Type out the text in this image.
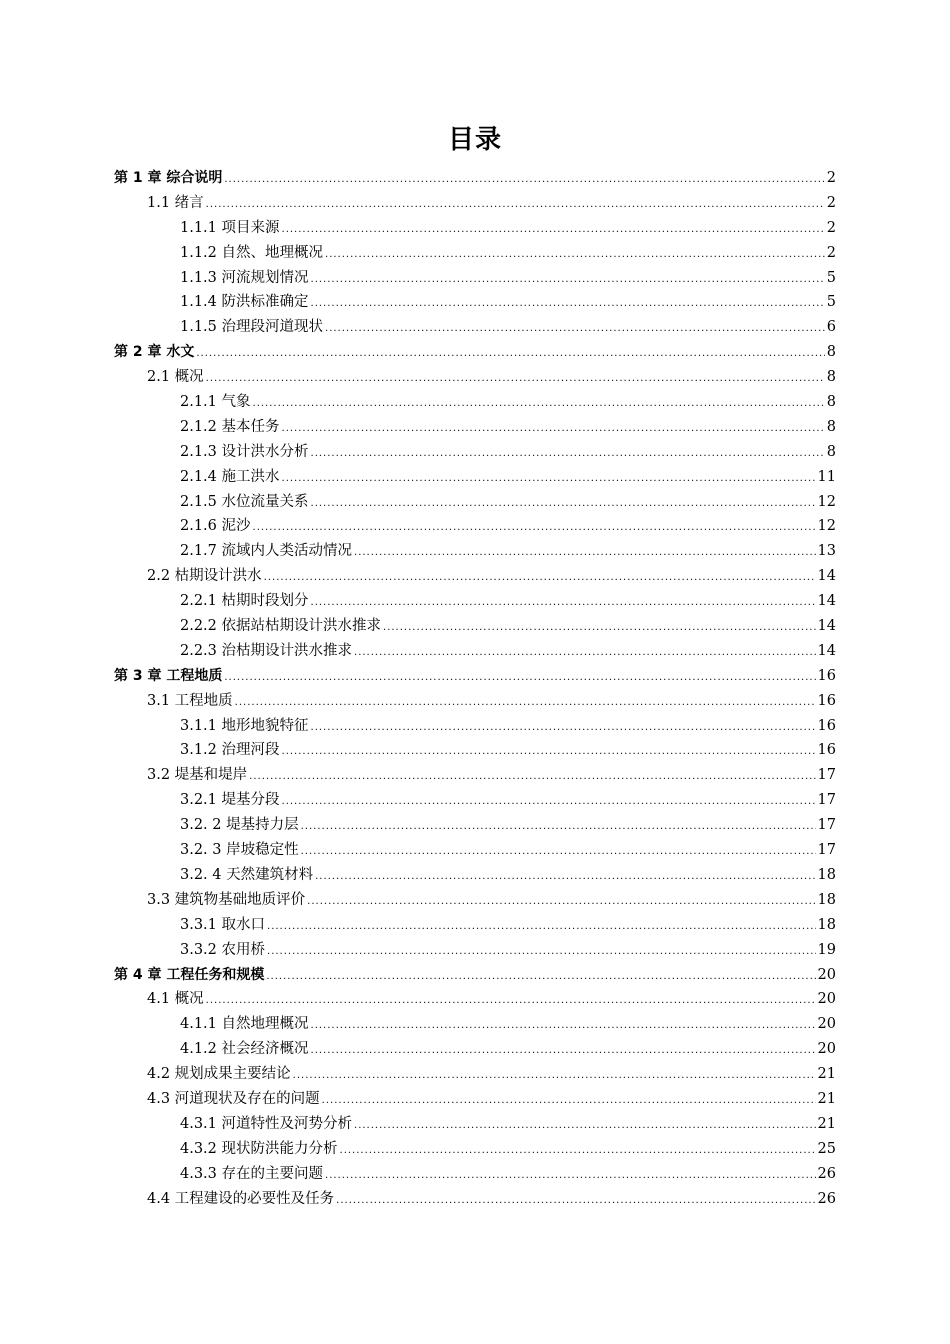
目录
第 1 章 综合说明 .....	2
1.1 绪言 .....	2
1.1.1 项目来源 .....	2
1.1.2 自然、地理概况 .....	2
1.1.3 河流规划情况 .....	5
1.1.4 防洪标准确定 .....	5
1.1.5 治理段河道现状 .....	6
第 2 章 水文 .....	8
2.1 概况 .....	8
2.1.1 气象 .....	8
2.1.2 基本任务 .....	8
2.1.3 设计洪水分析 .....	8
2.1.4 施工洪水 .....	11
2.1.5 水位流量关系 .....	12
2.1.6 泥沙 .....	12
2.1.7 流域内人类活动情况 .....	13
2.2 枯期设计洪水 .....	14
2.2.1 枯期时段划分 .....	14
2.2.2 依据站枯期设计洪水推求 .....	14
2.2.3 治枯期设计洪水推求 .....	14
第 3 章 工程地质 .....	16
3.1 工程地质 .....	16
3.1.1 地形地貌特征 .....	16
3.1.2 治理河段 .....	16
3.2 堤基和堤岸 .....	17
3.2.1 堤基分段 .....	17
3.2. 2 堤基持力层 .....	17
3.2. 3 岸坡稳定性 .....	17
3.2. 4 天然建筑材料 .....	18
3.3 建筑物基础地质评价 .....	18
3.3.1 取水口 .....	18
3.3.2 农用桥 .....	19
第 4 章 工程任务和规模 .....	20
4.1 概况 .....	20
4.1.1 自然地理概况 .....	20
4.1.2 社会经济概况 .....	20
4.2 规划成果主要结论 .....	21
4.3 河道现状及存在的问题 .....	21
4.3.1 河道特性及河势分析 .....	21
4.3.2 现状防洪能力分析 .....	25
4.3.3 存在的主要问题 .....	26
4.4 工程建设的必要性及任务 .....	26
